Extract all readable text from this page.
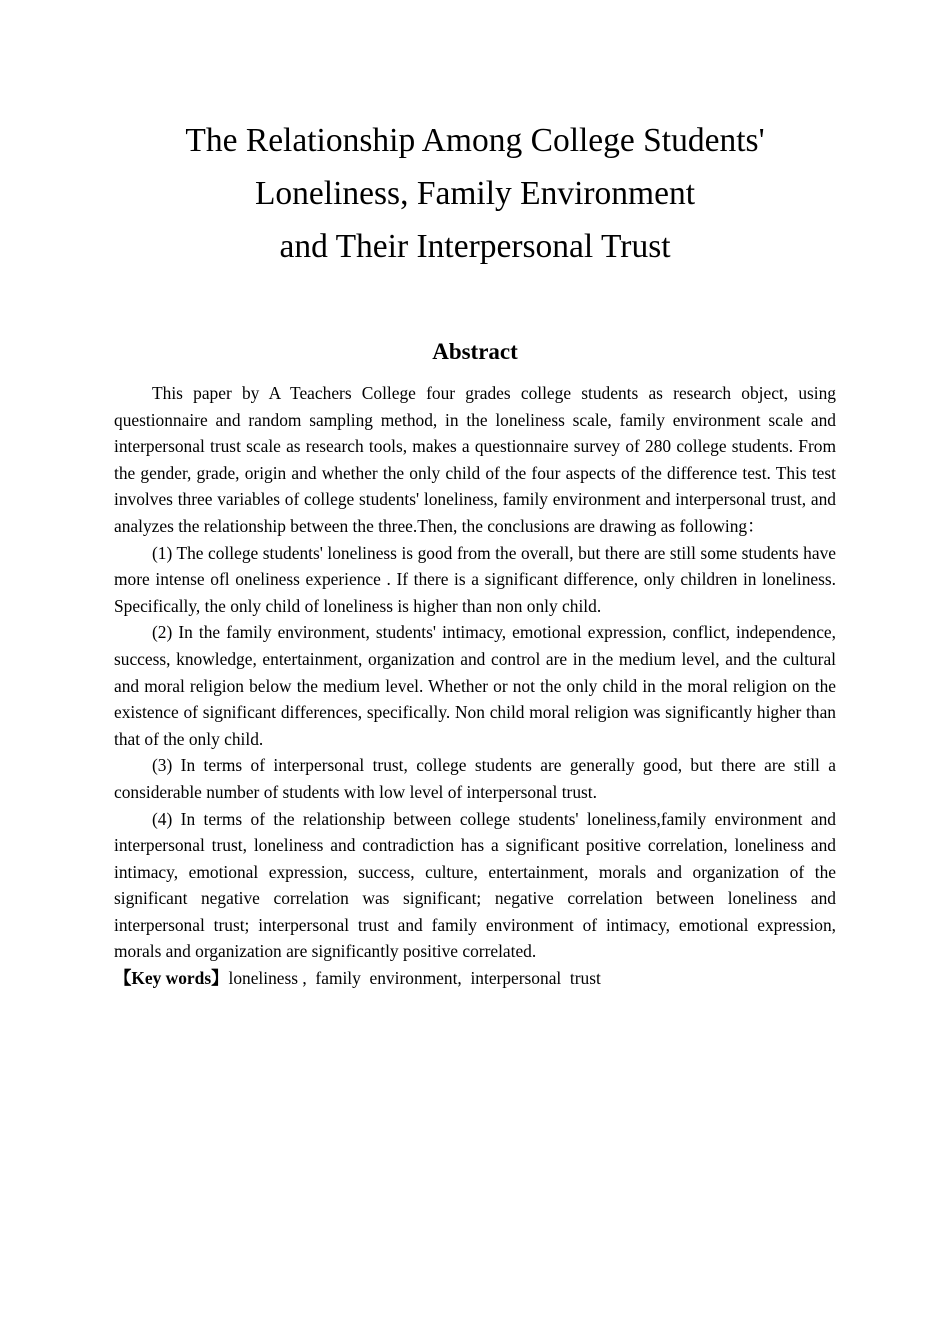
The Relationship Among College Students'
Loneliness, Family Environment
and Their Interpersonal Trust
Abstract

This paper by A Teachers College four grades college students as research object, using questionnaire and random sampling method, in the loneliness scale, family environment scale and interpersonal trust scale as research tools, makes a questionnaire survey of 280 college students. From the gender, grade, origin and whether the only child of the four aspects of the difference test. This test involves three variables of college students' loneliness, family environment and interpersonal trust, and analyzes the relationship between the three.Then, the conclusions are drawing as following：

(1) The college students' loneliness is good from the overall, but there are still some students have more intense ofl oneliness experience . If there is a significant difference, only children in loneliness. Specifically, the only child of loneliness is higher than non only child.

(2) In the family environment, students' intimacy, emotional expression, conflict, independence, success, knowledge, entertainment, organization and control are in the medium level, and the cultural and moral religion below the medium level. Whether or not the only child in the moral religion on the existence of significant differences, specifically. Non child moral religion was significantly higher than that of the only child.

(3) In terms of interpersonal trust, college students are generally good, but there are still a considerable number of students with low level of interpersonal trust.

(4) In terms of the relationship between college students' loneliness,family environment and interpersonal trust, loneliness and contradiction has a significant positive correlation, loneliness and intimacy, emotional expression, success, culture, entertainment, morals and organization of the significant negative correlation was significant; negative correlation between loneliness and interpersonal trust; interpersonal trust and family environment of intimacy, emotional expression, morals and organization are significantly positive correlated.

【Key words】loneliness ,  family  environment,  interpersonal  trust
